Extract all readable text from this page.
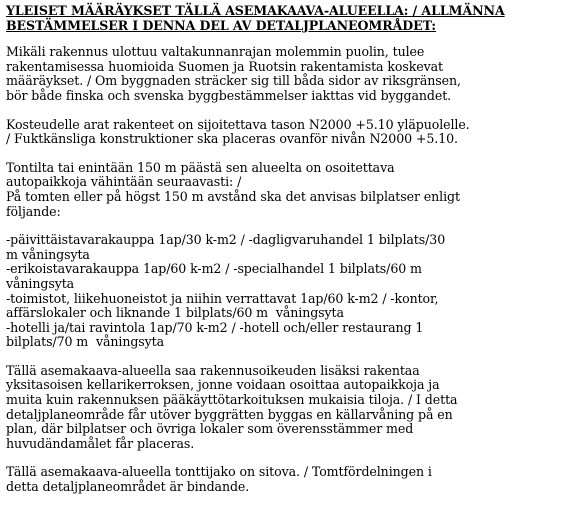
YLEISET MÄÄRÄYKSET TÄLLÄ ASEMAKAAVA-ALUEELLA: / ALLMÄNNA
BESTÄMMELSER I DENNA DEL AV DETALJPLANEOMRÅDET:
Mikäli rakennus ulottuu valtakunnanrajan molemmin puolin, tulee
rakentamisessa huomioida Suomen ja Ruotsin rakentamista koskevat
määräykset. / Om byggnaden sträcker sig till båda sidor av riksgränsen,
bör både finska och svenska byggbestämmelser iakttas vid byggandet.
Kosteudelle arat rakenteet on sijoitettava tason N2000 +5.10 yläpuolelle.
/ Fuktkänsliga konstruktioner ska placeras ovanför nivån N2000 +5.10.
Tontilta tai enintään 150 m päästä sen alueelta on osoitettava
autopaikkoja vähintään seuraavasti: /
På tomten eller på högst 150 m avstånd ska det anvisas bilplatser enligt
följande:
-päivittäistavarakauppa 1ap/30 k-m2 / -dagligvaruhandel 1 bilplats/30
m våningsyta
-erikoistavarakauppa 1ap/60 k-m2 / -specialhandel 1 bilplats/60 m
våningsyta
-toimistot, liikehuoneistot ja niihin verrattavat 1ap/60 k-m2 / -kontor,
affärslokaler och liknande 1 bilplats/60 m  våningsyta
-hotelli ja/tai ravintola 1ap/70 k-m2 / -hotell och/eller restaurang 1
bilplats/70 m  våningsyta
Tällä asemakaava-alueella saa rakennusoikeuden lisäksi rakentaa
yksitasoisen kellarikerroksen, jonne voidaan osoittaa autopaikkoja ja
muita kuin rakennuksen pääkäyttötarkoituksen mukaisia tiloja. / I detta
detaljplaneområde får utöver byggrätten byggas en källarvåning på en
plan, där bilplatser och övriga lokaler som överensstämmer med
huvudändamålet får placeras.
Tällä asemakaava-alueella tonttijako on sitova. / Tomtfördelningen i
detta detaljplaneområdet är bindande.
